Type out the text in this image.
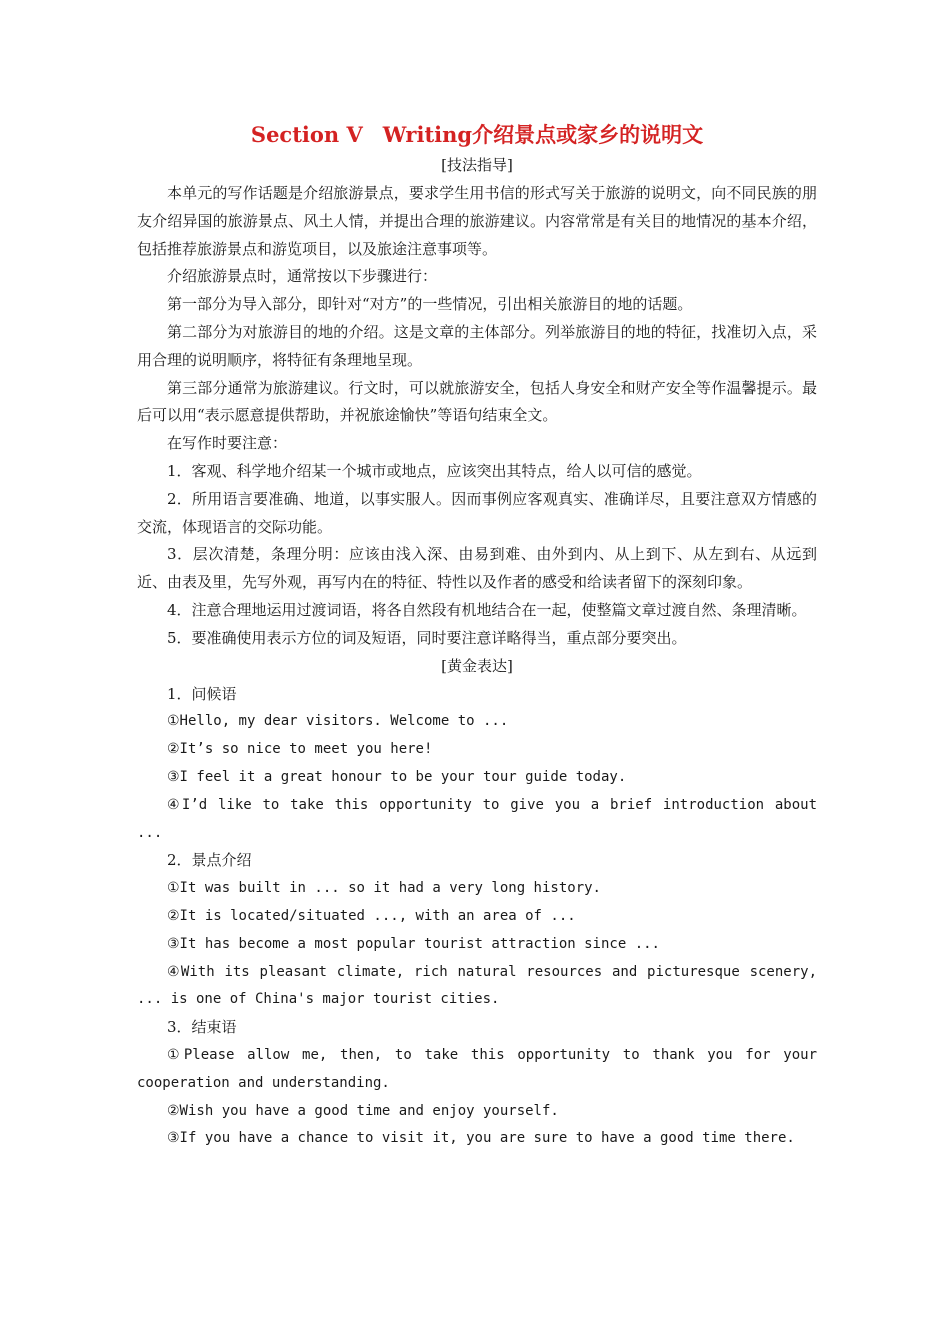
Section Ⅴ Writing介绍景点或家乡的说明文
[技法指导]

本单元的写作话题是介绍旅游景点，要求学生用书信的形式写关于旅游的说明文，向不同民族的朋友介绍异国的旅游景点、风土人情，并提出合理的旅游建议。内容常常是有关目的地情况的基本介绍，包括推荐旅游景点和游览项目，以及旅途注意事项等。

介绍旅游景点时，通常按以下步骤进行：

第一部分为导入部分，即针对“对方”的一些情况，引出相关旅游目的地的话题。

第二部分为对旅游目的地的介绍。这是文章的主体部分。列举旅游目的地的特征，找准切入点，采用合理的说明顺序，将特征有条理地呈现。

第三部分通常为旅游建议。行文时，可以就旅游安全，包括人身安全和财产安全等作温馨提示。最后可以用“表示愿意提供帮助，并祝旅途愉快”等语句结束全文。

在写作时要注意：

1．客观、科学地介绍某一个城市或地点，应该突出其特点，给人以可信的感觉。

2．所用语言要准确、地道，以事实服人。因而事例应客观真实、准确详尽，且要注意双方情感的交流，体现语言的交际功能。

3．层次清楚，条理分明：应该由浅入深、由易到难、由外到内、从上到下、从左到右、从远到近、由表及里，先写外观，再写内在的特征、特性以及作者的感受和给读者留下的深刻印象。

4．注意合理地运用过渡词语，将各自然段有机地结合在一起，使整篇文章过渡自然、条理清晰。

5．要准确使用表示方位的词及短语，同时要注意详略得当，重点部分要突出。

[黄金表达]

1．问候语

①Hello, my dear visitors. Welcome to ...

②It’s so nice to meet you here!

③I feel it a great honour to be your tour guide today.

④I’d like to take this opportunity to give you a brief introduction about ...

2．景点介绍

①It was built in ... so it had a very long history.

②It is located/situated ..., with an area of ...

③It has become a most popular tourist attraction since ...

④With its pleasant climate, rich natural resources and picturesque scenery, ... is one of China's major tourist cities.

3．结束语

①Please allow me, then, to take this opportunity to thank you for your cooperation and understanding.

②Wish you have a good time and enjoy yourself.

③If you have a chance to visit it, you are sure to have a good time there.
